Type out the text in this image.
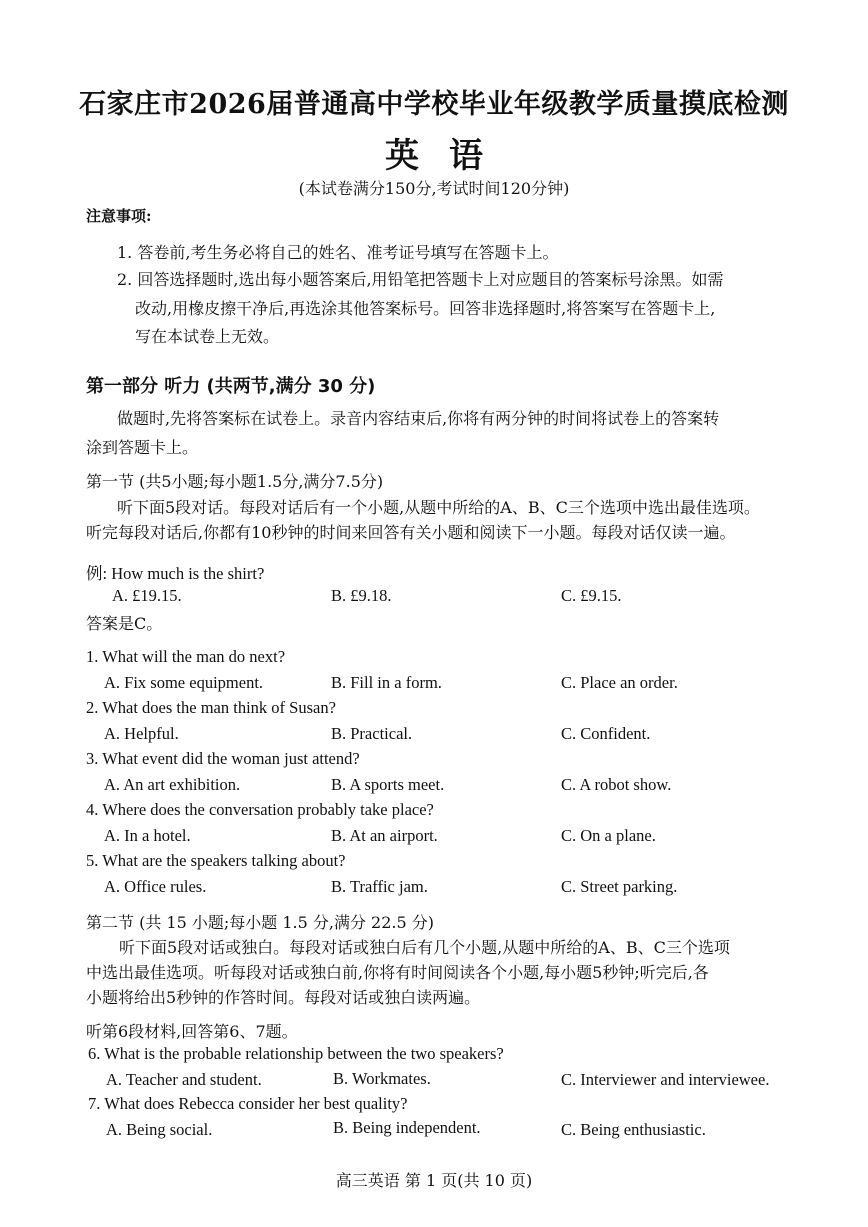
石家庄市2026届普通高中学校毕业年级教学质量摸底检测
英语
(本试卷满分150分,考试时间120分钟)
注意事项:
1. 答卷前,考生务必将自己的姓名、准考证号填写在答题卡上。
2. 回答选择题时,选出每小题答案后,用铅笔把答题卡上对应题目的答案标号涂黑。如需
改动,用橡皮擦干净后,再选涂其他答案标号。回答非选择题时,将答案写在答题卡上,
写在本试卷上无效。
第一部分 听力 (共两节,满分 30 分)
做题时,先将答案标在试卷上。录音内容结束后,你将有两分钟的时间将试卷上的答案转
涂到答题卡上。
第一节 (共5小题;每小题1.5分,满分7.5分)
听下面5段对话。每段对话后有一个小题,从题中所给的A、B、C三个选项中选出最佳选项。
听完每段对话后,你都有10秒钟的时间来回答有关小题和阅读下一小题。每段对话仅读一遍。
例: How much is the shirt?
A. £19.15.	B. £9.18.	C. £9.15.
答案是C。
1. What will the man do next?
A. Fix some equipment.	B. Fill in a form.	C. Place an order.
2. What does the man think of Susan?
A. Helpful.	B. Practical.	C. Confident.
3. What event did the woman just attend?
A. An art exhibition.	B. A sports meet.	C. A robot show.
4. Where does the conversation probably take place?
A. In a hotel.	B. At an airport.	C. On a plane.
5. What are the speakers talking about?
A. Office rules.	B. Traffic jam.	C. Street parking.
第二节 (共 15 小题;每小题 1.5 分,满分 22.5 分)
听下面5段对话或独白。每段对话或独白后有几个小题,从题中所给的A、B、C三个选项
中选出最佳选项。听每段对话或独白前,你将有时间阅读各个小题,每小题5秒钟;听完后,各
小题将给出5秒钟的作答时间。每段对话或独白读两遍。
听第6段材料,回答第6、7题。
6. What is the probable relationship between the two speakers?
A. Teacher and student.	B. Workmates.	C. Interviewer and interviewee.
7. What does Rebecca consider her best quality?
A. Being social.	B. Being independent.	C. Being enthusiastic.
高三英语 第 1 页(共 10 页)
